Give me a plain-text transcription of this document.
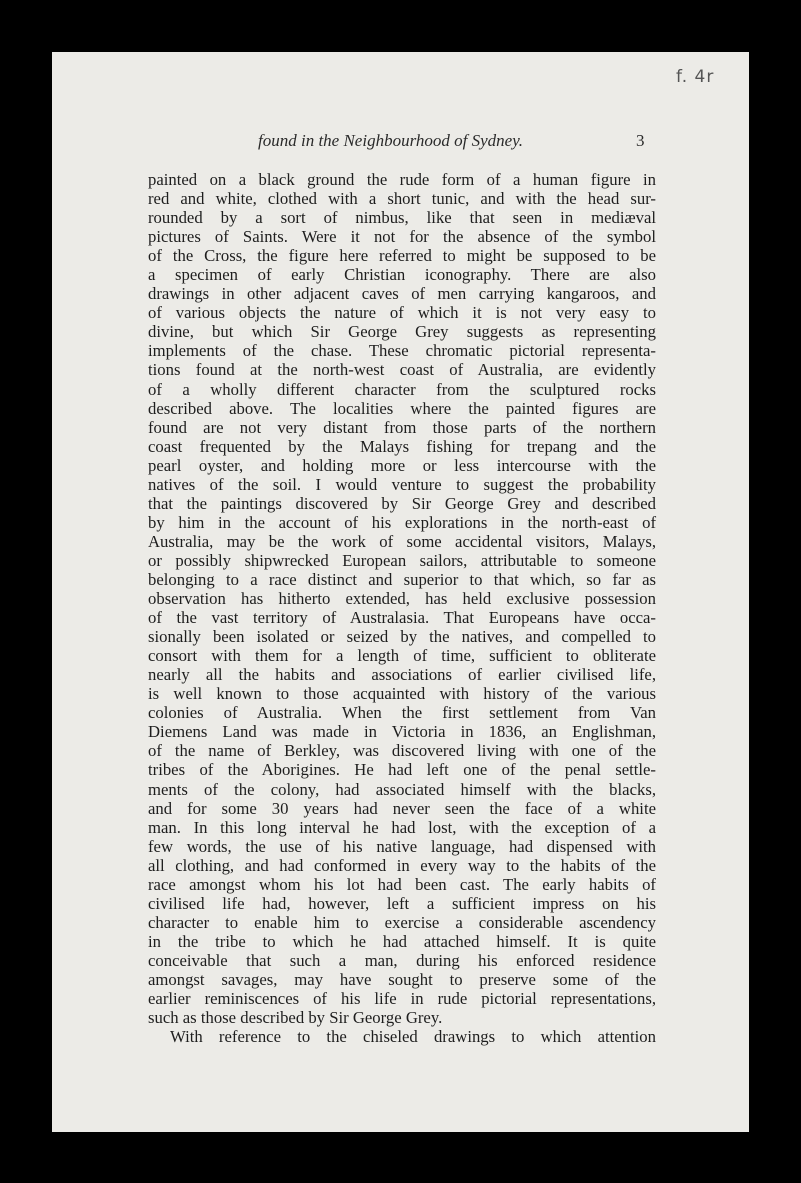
f. 4r
found in the Neighbourhood of Sydney.	3
painted on a black ground the rude form of a human figure in
red and white, clothed with a short tunic, and with the head sur-
rounded by a sort of nimbus, like that seen in mediæval
pictures of Saints. Were it not for the absence of the symbol
of the Cross, the figure here referred to might be supposed to be
a specimen of early Christian iconography. There are also
drawings in other adjacent caves of men carrying kangaroos, and
of various objects the nature of which it is not very easy to
divine, but which Sir George Grey suggests as representing
implements of the chase. These chromatic pictorial representa-
tions found at the north-west coast of Australia, are evidently
of a wholly different character from the sculptured rocks
described above. The localities where the painted figures are
found are not very distant from those parts of the northern
coast frequented by the Malays fishing for trepang and the
pearl oyster, and holding more or less intercourse with the
natives of the soil. I would venture to suggest the probability
that the paintings discovered by Sir George Grey and described
by him in the account of his explorations in the north-east of
Australia, may be the work of some accidental visitors, Malays,
or possibly shipwrecked European sailors, attributable to someone
belonging to a race distinct and superior to that which, so far as
observation has hitherto extended, has held exclusive possession
of the vast territory of Australasia. That Europeans have occa-
sionally been isolated or seized by the natives, and compelled to
consort with them for a length of time, sufficient to obliterate
nearly all the habits and associations of earlier civilised life,
is well known to those acquainted with history of the various
colonies of Australia. When the first settlement from Van
Diemens Land was made in Victoria in 1836, an Englishman,
of the name of Berkley, was discovered living with one of the
tribes of the Aborigines. He had left one of the penal settle-
ments of the colony, had associated himself with the blacks,
and for some 30 years had never seen the face of a white
man. In this long interval he had lost, with the exception of a
few words, the use of his native language, had dispensed with
all clothing, and had conformed in every way to the habits of the
race amongst whom his lot had been cast. The early habits of
civilised life had, however, left a sufficient impress on his
character to enable him to exercise a considerable ascendency
in the tribe to which he had attached himself. It is quite
conceivable that such a man, during his enforced residence
amongst savages, may have sought to preserve some of the
earlier reminiscences of his life in rude pictorial representations,
such as those described by Sir George Grey.
With reference to the chiseled drawings to which attention
